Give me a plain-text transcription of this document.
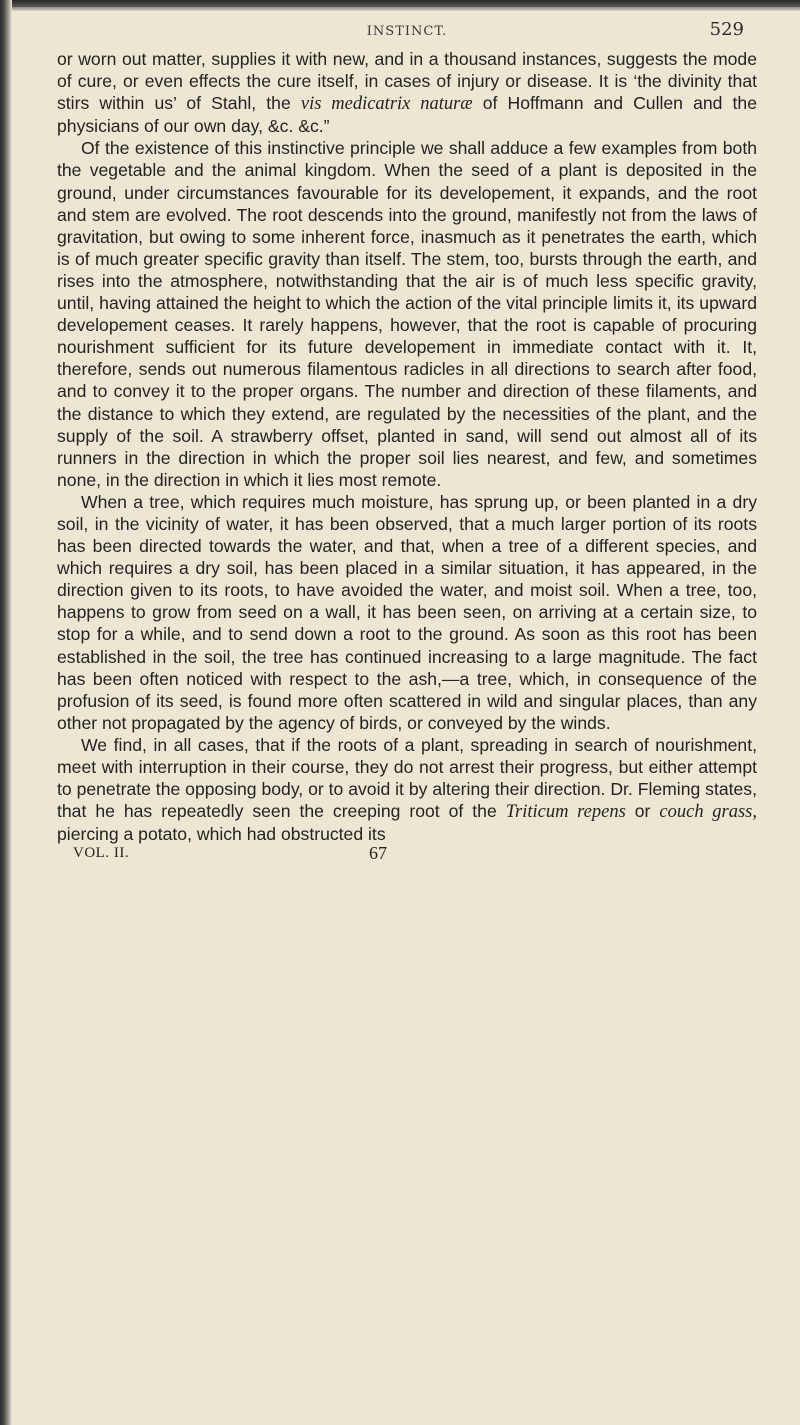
INSTINCT.	529

or worn out matter, supplies it with new, and in a thousand instances, suggests the mode of cure, or even effects the cure itself, in cases of injury or disease. It is ‘the divinity that stirs within us’ of Stahl, the vis medicatrix naturæ of Hoffmann and Cullen and the physicians of our own day, &c. &c.”

Of the existence of this instinctive principle we shall adduce a few examples from both the vegetable and the animal kingdom. When the seed of a plant is deposited in the ground, under circumstances favourable for its developement, it expands, and the root and stem are evolved. The root descends into the ground, manifestly not from the laws of gravitation, but owing to some inherent force, inasmuch as it penetrates the earth, which is of much greater specific gravity than itself. The stem, too, bursts through the earth, and rises into the atmosphere, notwithstanding that the air is of much less specific gravity, until, having attained the height to which the action of the vital principle limits it, its upward developement ceases. It rarely happens, however, that the root is capable of procuring nourishment sufficient for its future developement in immediate contact with it. It, therefore, sends out numerous filamentous radicles in all directions to search after food, and to convey it to the proper organs. The number and direction of these filaments, and the distance to which they extend, are regulated by the necessities of the plant, and the supply of the soil. A strawberry offset, planted in sand, will send out almost all of its runners in the direction in which the proper soil lies nearest, and few, and sometimes none, in the direction in which it lies most remote.

When a tree, which requires much moisture, has sprung up, or been planted in a dry soil, in the vicinity of water, it has been observed, that a much larger portion of its roots has been directed towards the water, and that, when a tree of a different species, and which requires a dry soil, has been placed in a similar situation, it has appeared, in the direction given to its roots, to have avoided the water, and moist soil. When a tree, too, happens to grow from seed on a wall, it has been seen, on arriving at a certain size, to stop for a while, and to send down a root to the ground. As soon as this root has been established in the soil, the tree has continued increasing to a large magnitude. The fact has been often noticed with respect to the ash,—a tree, which, in consequence of the profusion of its seed, is found more often scattered in wild and singular places, than any other not propagated by the agency of birds, or conveyed by the winds.

We find, in all cases, that if the roots of a plant, spreading in search of nourishment, meet with interruption in their course, they do not arrest their progress, but either attempt to penetrate the opposing body, or to avoid it by altering their direction. Dr. Fleming states, that he has repeatedly seen the creeping root of the Triticum repens or couch grass, piercing a potato, which had obstructed its

VOL. II.	67
